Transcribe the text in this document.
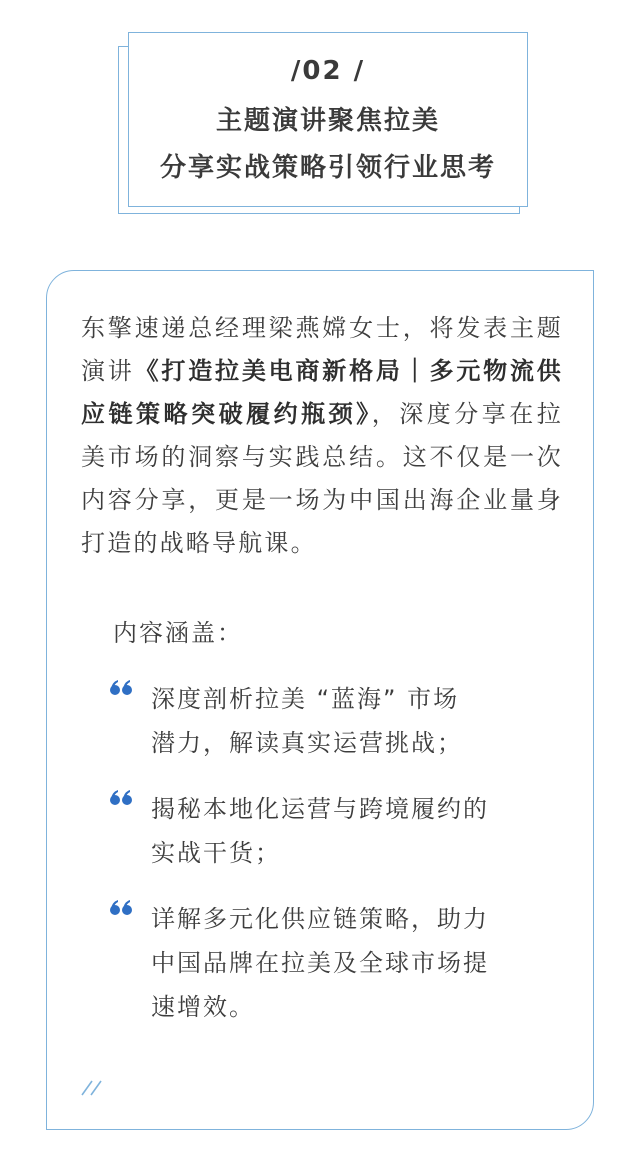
/02 /
主题演讲聚焦拉美
分享实战策略引领行业思考
东擎速递总经理梁燕嫦女士，将发表主题演讲《打造拉美电商新格局｜多元物流供应链策略突破履约瓶颈》，深度分享在拉美市场的洞察与实践总结。这不仅是一次内容分享，更是一场为中国出海企业量身打造的战略导航课。
内容涵盖：
深度剖析拉美 “蓝海” 市场
潜力，解读真实运营挑战；
揭秘本地化运营与跨境履约的
实战干货；
详解多元化供应链策略，助力
中国品牌在拉美及全球市场提
速增效。
